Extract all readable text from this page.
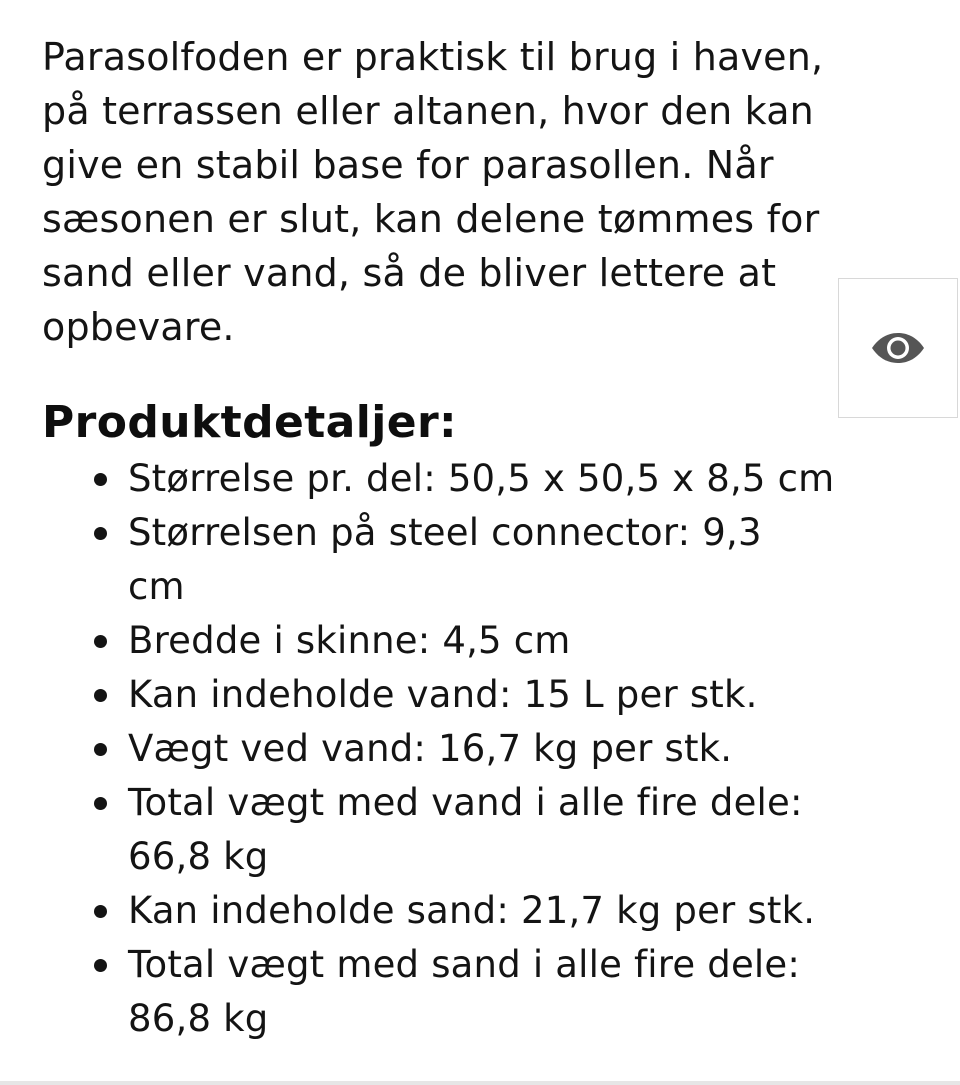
Parasolfoden er praktisk til brug i haven,
på terrassen eller altanen, hvor den kan
give en stabil base for parasollen. Når
sæsonen er slut, kan delene tømmes for
sand eller vand, så de bliver lettere at
opbevare.

Produktdetaljer:
Størrelse pr. del: 50,5 x 50,5 x 8,5 cm
Størrelsen på steel connector: 9,3
cm
Bredde i skinne: 4,5 cm
Kan indeholde vand: 15 L per stk.
Vægt ved vand: 16,7 kg per stk.
Total vægt med vand i alle fire dele:
66,8 kg
Kan indeholde sand: 21,7 kg per stk.
Total vægt med sand i alle fire dele:
86,8 kg
